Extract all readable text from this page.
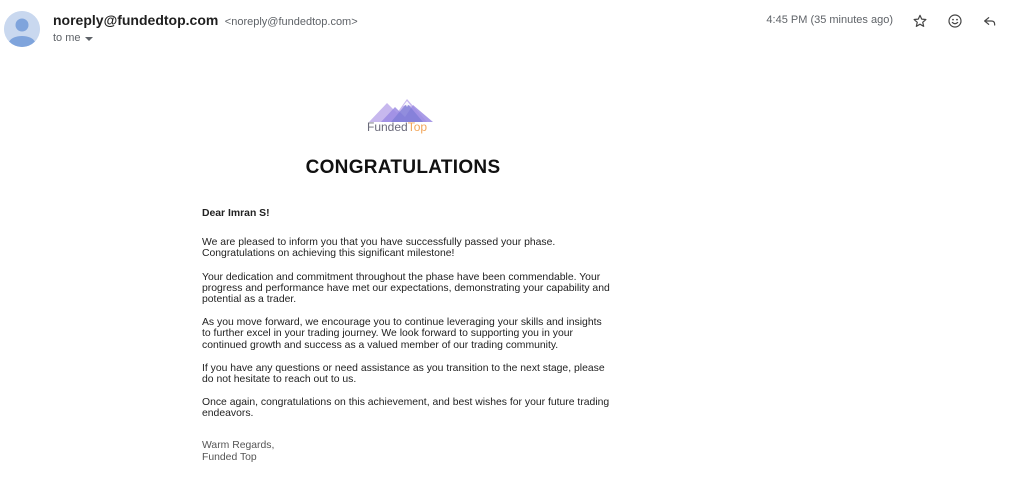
noreply@fundedtop.com <noreply@fundedtop.com>
to me
4:45 PM (35 minutes ago)
FundedTop
CONGRATULATIONS
Dear Imran S!

We are pleased to inform you that you have successfully passed your phase. Congratulations on achieving this significant milestone!

Your dedication and commitment throughout the phase have been commendable. Your progress and performance have met our expectations, demonstrating your capability and potential as a trader.

As you move forward, we encourage you to continue leveraging your skills and insights to further excel in your trading journey. We look forward to supporting you in your continued growth and success as a valued member of our trading community.

If you have any questions or need assistance as you transition to the next stage, please do not hesitate to reach out to us.

Once again, congratulations on this achievement, and best wishes for your future trading endeavors.

Warm Regards,
Funded Top
